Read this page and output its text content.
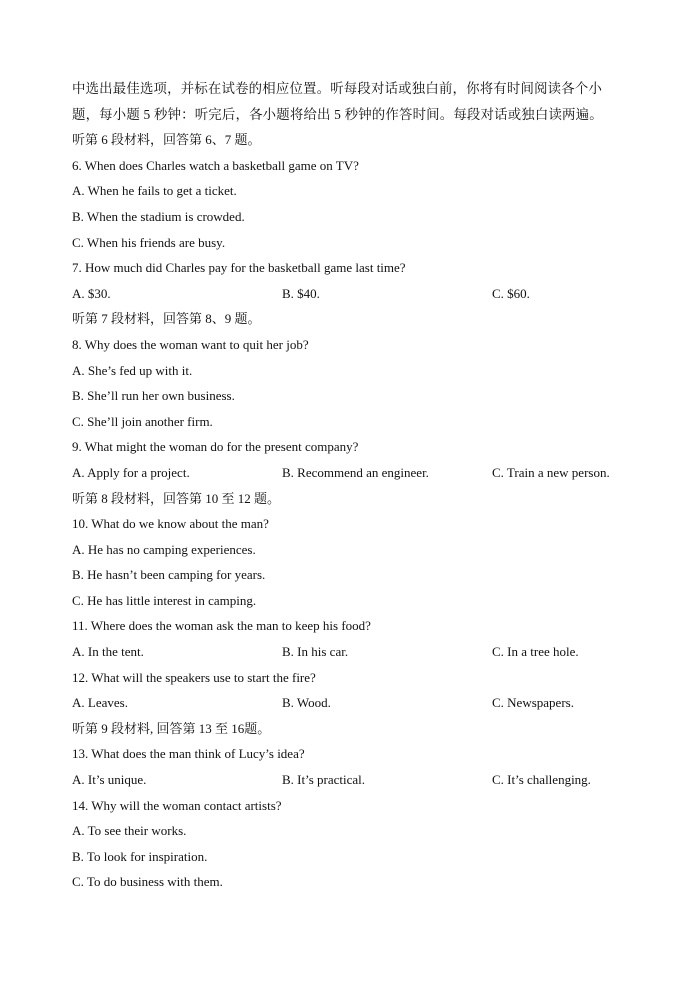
中选出最佳选项，并标在试卷的相应位置。听每段对话或独白前，你将有时间阅读各个小
题，每小题 5 秒钟：听完后，各小题将给出 5 秒钟的作答时间。每段对话或独白读两遍。
听第 6 段材料，回答第 6、7 题。
6. When does Charles watch a basketball game on TV?
A. When he fails to get a ticket.
B. When the stadium is crowded.
C. When his friends are busy.
7. How much did Charles pay for the basketball game last time?
A. $30.	B. $40.	C. $60.
听第 7 段材料，回答第 8、9 题。
8. Why does the woman want to quit her job?
A. She’s fed up with it.
B. She’ll run her own business.
C. She’ll join another firm.
9. What might the woman do for the present company?
A. Apply for a project.	B. Recommend an engineer.	C. Train a new person.
听第 8 段材料，回答第 10 至 12 题。
10. What do we know about the man?
A. He has no camping experiences.
B. He hasn’t been camping for years.
C. He has little interest in camping.
11. Where does the woman ask the man to keep his food?
A. In the tent.	B. In his car.	C. In a tree hole.
12. What will the speakers use to start the fire?
A. Leaves.	B. Wood.	C. Newspapers.
听第 9 段材料, 回答第 13 至 16题。
13. What does the man think of Lucy’s idea?
A. It’s unique.	B. It’s practical.	C. It’s challenging.
14. Why will the woman contact artists?
A. To see their works.
B. To look for inspiration.
C. To do business with them.
